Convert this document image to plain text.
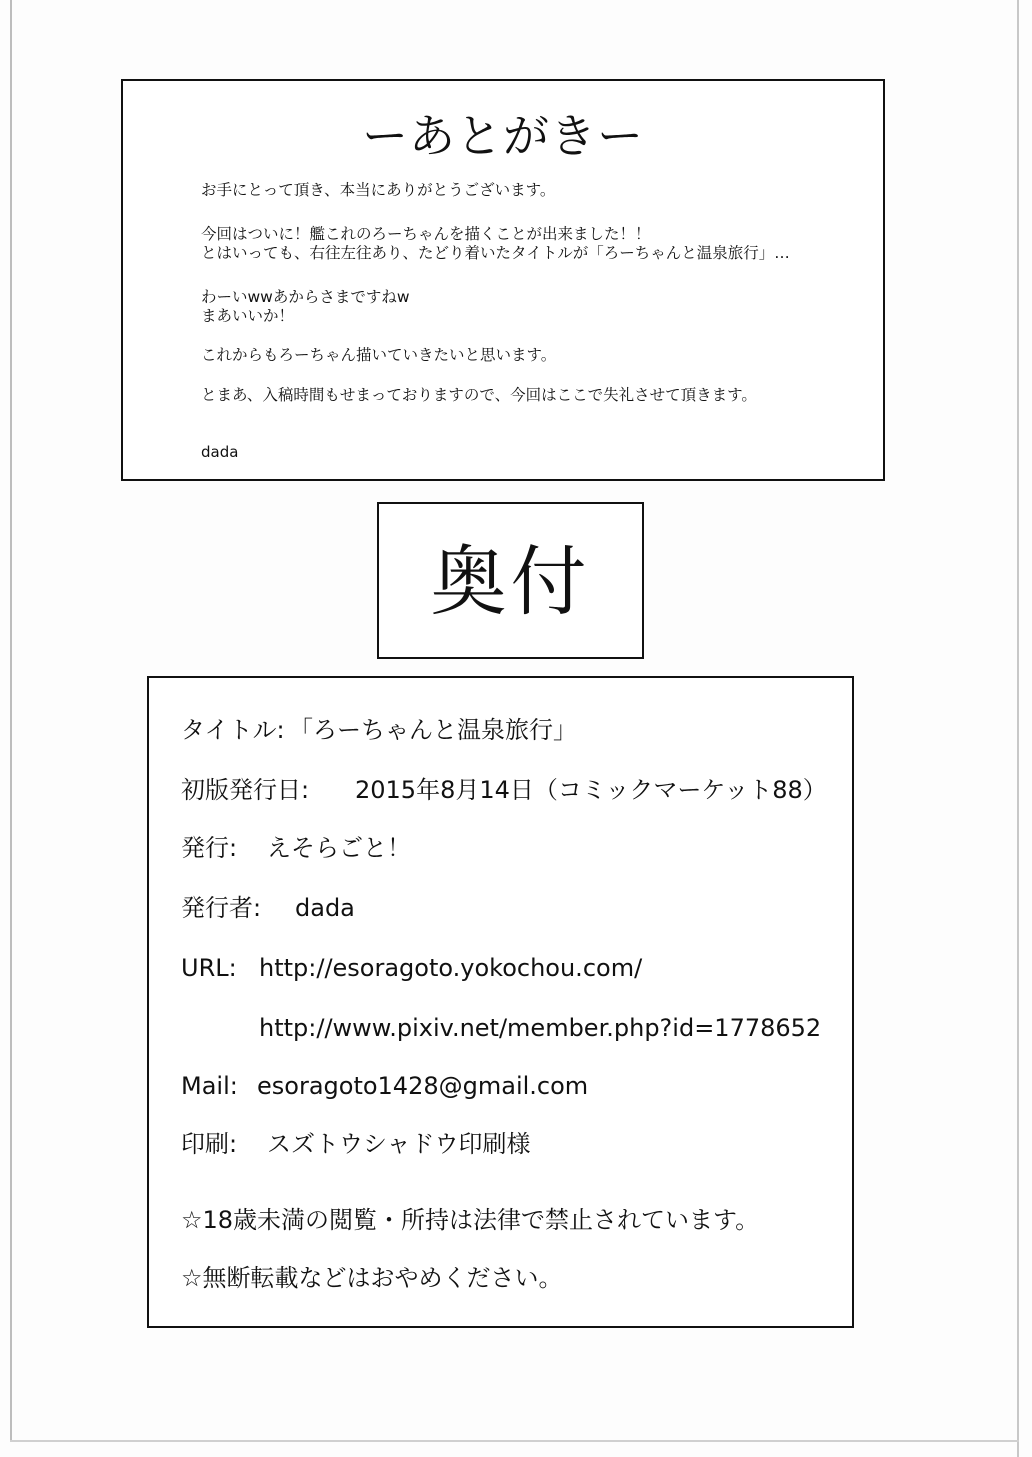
ーあとがきー
お手にとって頂き、本当にありがとうございます。
今回はついに！艦これのろーちゃんを描くことが出来ました！！
とはいっても、右往左往あり、たどり着いたタイトルが「ろーちゃんと温泉旅行」…
わーいwwあからさまですねw
まあいいか！
これからもろーちゃん描いていきたいと思います。
とまあ、入稿時間もせまっておりますので、今回はここで失礼させて頂きます。
dada
奥付
タイトル: 「ろーちゃんと温泉旅行」
初版発行日: 2015年8月14日（コミックマーケット88）
発行: えそらごと！
発行者: dada
URL: http://esoragoto.yokochou.com/
http://www.pixiv.net/member.php?id=1778652
Mail: esoragoto1428@gmail.com
印刷: スズトウシャドウ印刷様
☆18歳未満の閲覧・所持は法律で禁止されています。
☆無断転載などはおやめください。
